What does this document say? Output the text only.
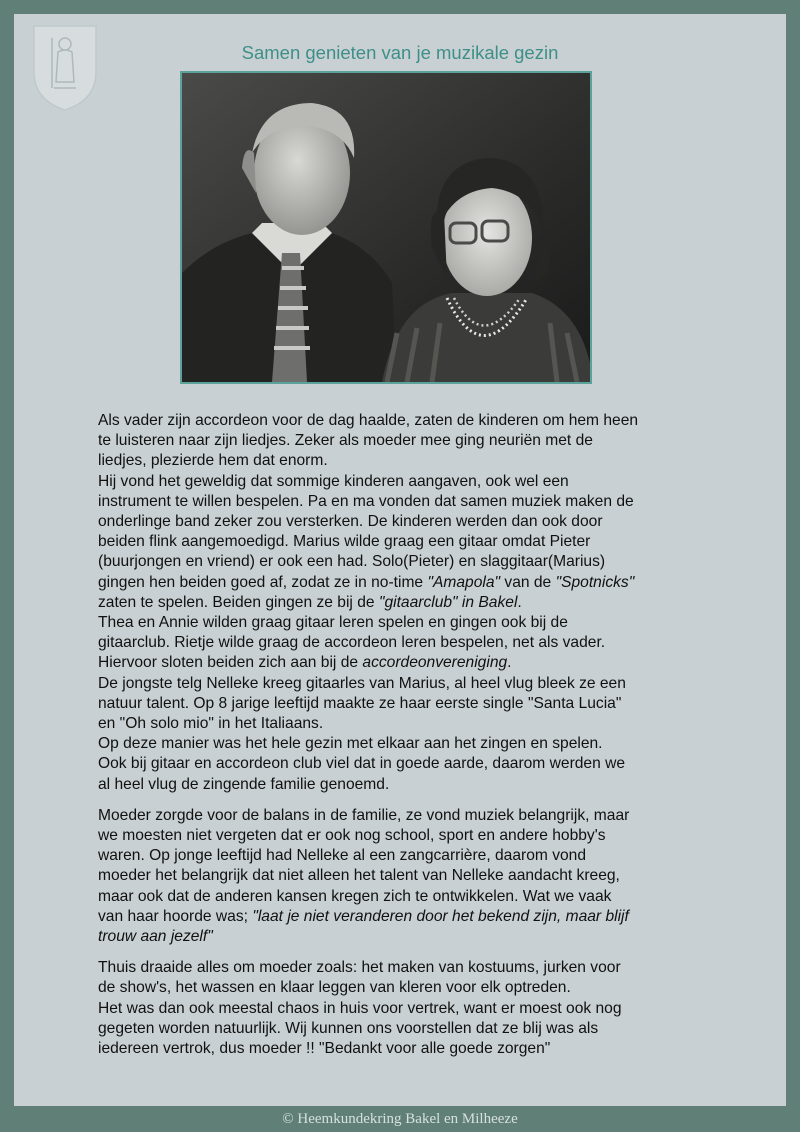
Samen genieten van je muzikale gezin

Als vader zijn accordeon voor de dag haalde, zaten de kinderen om hem heen
te luisteren naar zijn liedjes. Zeker als moeder mee ging neuriën met de
liedjes, plezierde hem dat enorm.
Hij vond het geweldig dat sommige kinderen aangaven, ook wel een
instrument te willen bespelen. Pa en ma vonden dat samen muziek maken de
onderlinge band zeker zou versterken. De kinderen werden dan ook door
beiden flink aangemoedigd. Marius wilde graag een gitaar omdat Pieter
(buurjongen en vriend) er ook een had. Solo(Pieter) en slaggitaar(Marius)
gingen hen beiden goed af, zodat ze in no-time "Amapola" van de "Spotnicks"
zaten te spelen. Beiden gingen ze bij de "gitaarclub" in Bakel.
Thea en Annie wilden graag gitaar leren spelen en gingen ook bij de
gitaarclub. Rietje wilde graag de accordeon leren bespelen, net als vader.
Hiervoor sloten beiden zich aan bij de accordeonvereniging.
De jongste telg Nelleke kreeg gitaarles van Marius, al heel vlug bleek ze een
natuur talent. Op 8 jarige leeftijd maakte ze haar eerste single "Santa Lucia"
en "Oh solo mio" in het Italiaans.
Op deze manier was het hele gezin met elkaar aan het zingen en spelen.
Ook bij gitaar en accordeon club viel dat in goede aarde, daarom werden we
al heel vlug de zingende familie genoemd.

Moeder zorgde voor de balans in de familie, ze vond muziek belangrijk, maar
we moesten niet vergeten dat er ook nog school, sport en andere hobby's
waren. Op jonge leeftijd had Nelleke al een zangcarrière, daarom vond
moeder het belangrijk dat niet alleen het talent van Nelleke aandacht kreeg,
maar ook dat de anderen kansen kregen zich te ontwikkelen. Wat we vaak
van haar hoorde was; "laat je niet veranderen door het bekend zijn, maar blijf
trouw aan jezelf"

Thuis draaide alles om moeder zoals: het maken van kostuums, jurken voor
de show's, het wassen en klaar leggen van kleren voor elk optreden.
Het was dan ook meestal chaos in huis voor vertrek, want er moest ook nog
gegeten worden natuurlijk. Wij kunnen ons voorstellen dat ze blij was als
iedereen vertrok, dus moeder !! "Bedankt voor alle goede zorgen"

© Heemkundekring Bakel en Milheeze
